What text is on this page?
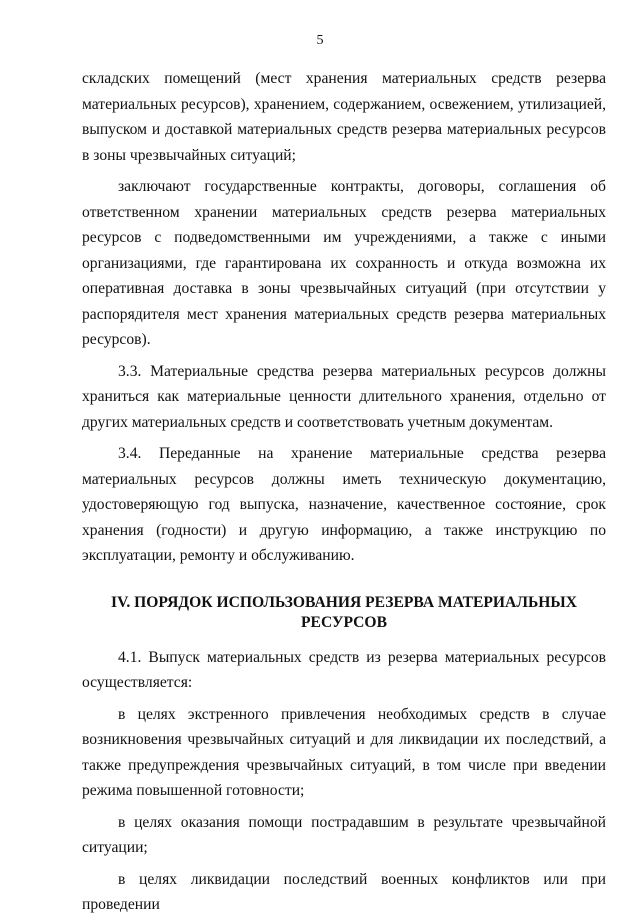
5

складских помещений (мест хранения материальных средств резерва материальных ресурсов), хранением, содержанием, освежением, утилизацией, выпуском и доставкой материальных средств резерва материальных ресурсов в зоны чрезвычайных ситуаций;

заключают государственные контракты, договоры, соглашения об ответственном хранении материальных средств резерва материальных ресурсов с подведомственными им учреждениями, а также с иными организациями, где гарантирована их сохранность и откуда возможна их оперативная доставка в зоны чрезвычайных ситуаций (при отсутствии у распорядителя мест хранения материальных средств резерва материальных ресурсов).

3.3. Материальные средства резерва материальных ресурсов должны храниться как материальные ценности длительного хранения, отдельно от других материальных средств и соответствовать учетным документам.

3.4. Переданные на хранение материальные средства резерва материальных ресурсов должны иметь техническую документацию, удостоверяющую год выпуска, назначение, качественное состояние, срок хранения (годности) и другую информацию, а также инструкцию по эксплуатации, ремонту и обслуживанию.

IV. ПОРЯДОК ИСПОЛЬЗОВАНИЯ РЕЗЕРВА МАТЕРИАЛЬНЫХ РЕСУРСОВ

4.1. Выпуск материальных средств из резерва материальных ресурсов осуществляется:

в целях экстренного привлечения необходимых средств в случае возникновения чрезвычайных ситуаций и для ликвидации их последствий, а также предупреждения чрезвычайных ситуаций, в том числе при введении режима повышенной готовности;

в целях оказания помощи пострадавшим в результате чрезвычайной ситуации;

в целях ликвидации последствий военных конфликтов или при проведении
